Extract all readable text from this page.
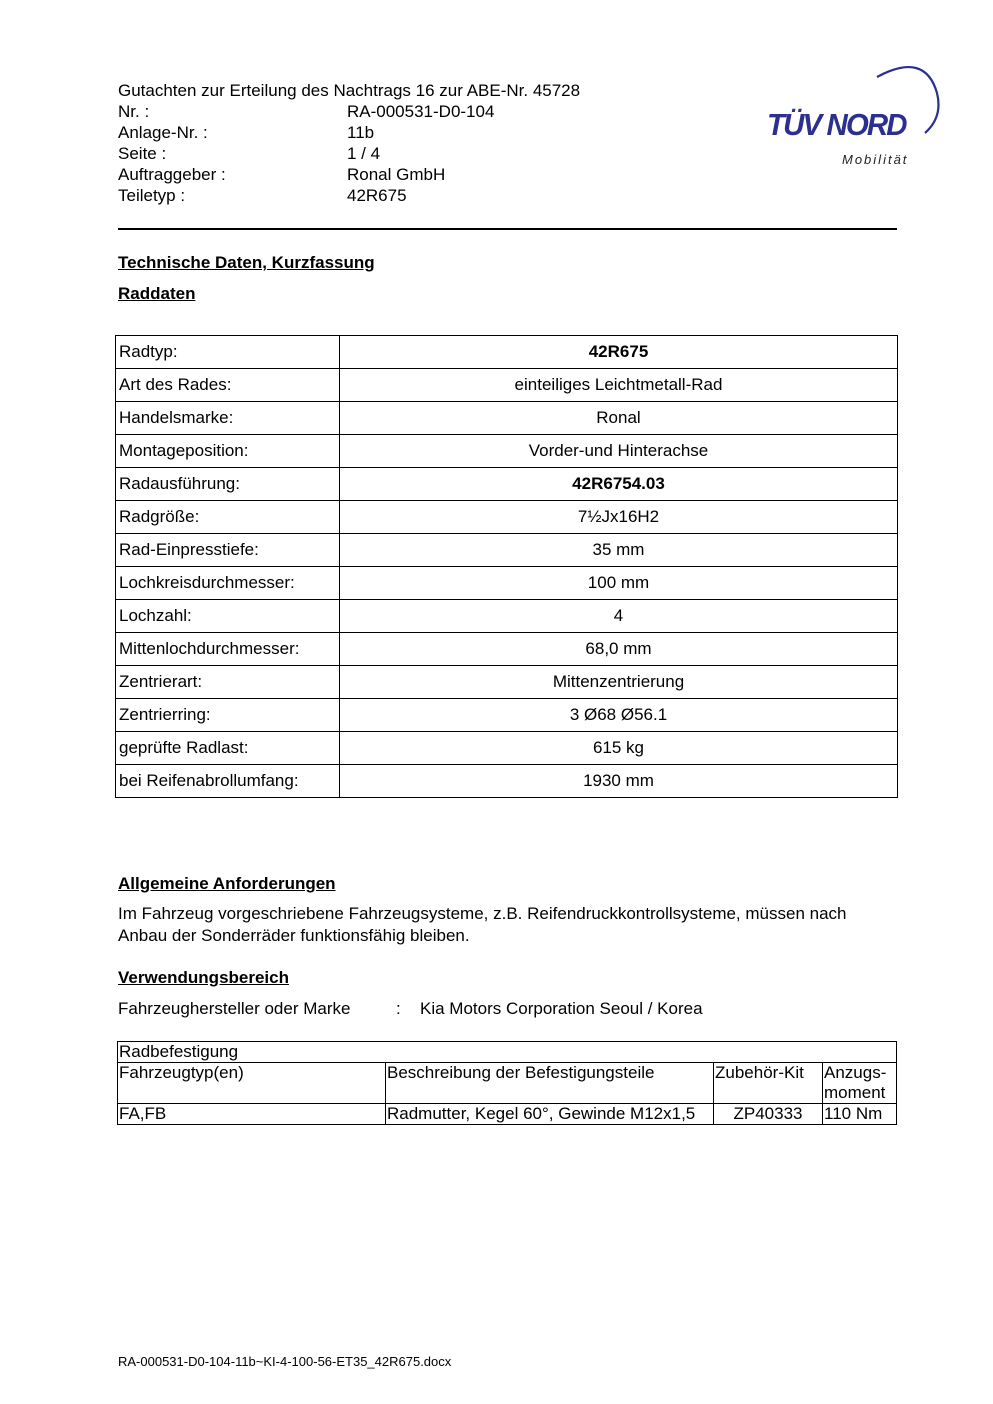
Gutachten zur Erteilung des Nachtrags 16 zur ABE-Nr. 45728
Nr. :	RA-000531-D0-104
Anlage-Nr. :	11b
Seite :	1 / 4
Auftraggeber :	Ronal GmbH
Teiletyp :	42R675
TÜV NORD
Mobilität
Technische Daten, Kurzfassung
Raddaten
Radtyp:	42R675
Art des Rades:	einteiliges Leichtmetall-Rad
Handelsmarke:	Ronal
Montageposition:	Vorder-und Hinterachse
Radausführung:	42R6754.03
Radgröße:	7½Jx16H2
Rad-Einpresstiefe:	35 mm
Lochkreisdurchmesser:	100 mm
Lochzahl:	4
Mittenlochdurchmesser:	68,0 mm
Zentrierart:	Mittenzentrierung
Zentrierring:	3 Ø68 Ø56.1
geprüfte Radlast:	615 kg
bei Reifenabrollumfang:	1930 mm
Allgemeine Anforderungen
Im Fahrzeug vorgeschriebene Fahrzeugsysteme, z.B. Reifendruckkontrollsysteme, müssen nach Anbau der Sonderräder funktionsfähig bleiben.
Verwendungsbereich
Fahrzeughersteller oder Marke	:	Kia Motors Corporation Seoul / Korea
Radbefestigung			
Fahrzeugtyp(en)	Beschreibung der Befestigungsteile	Zubehör-Kit	Anzugs-moment
FA,FB	Radmutter, Kegel 60°, Gewinde M12x1,5	ZP40333	110 Nm
RA-000531-D0-104-11b~KI-4-100-56-ET35_42R675.docx
